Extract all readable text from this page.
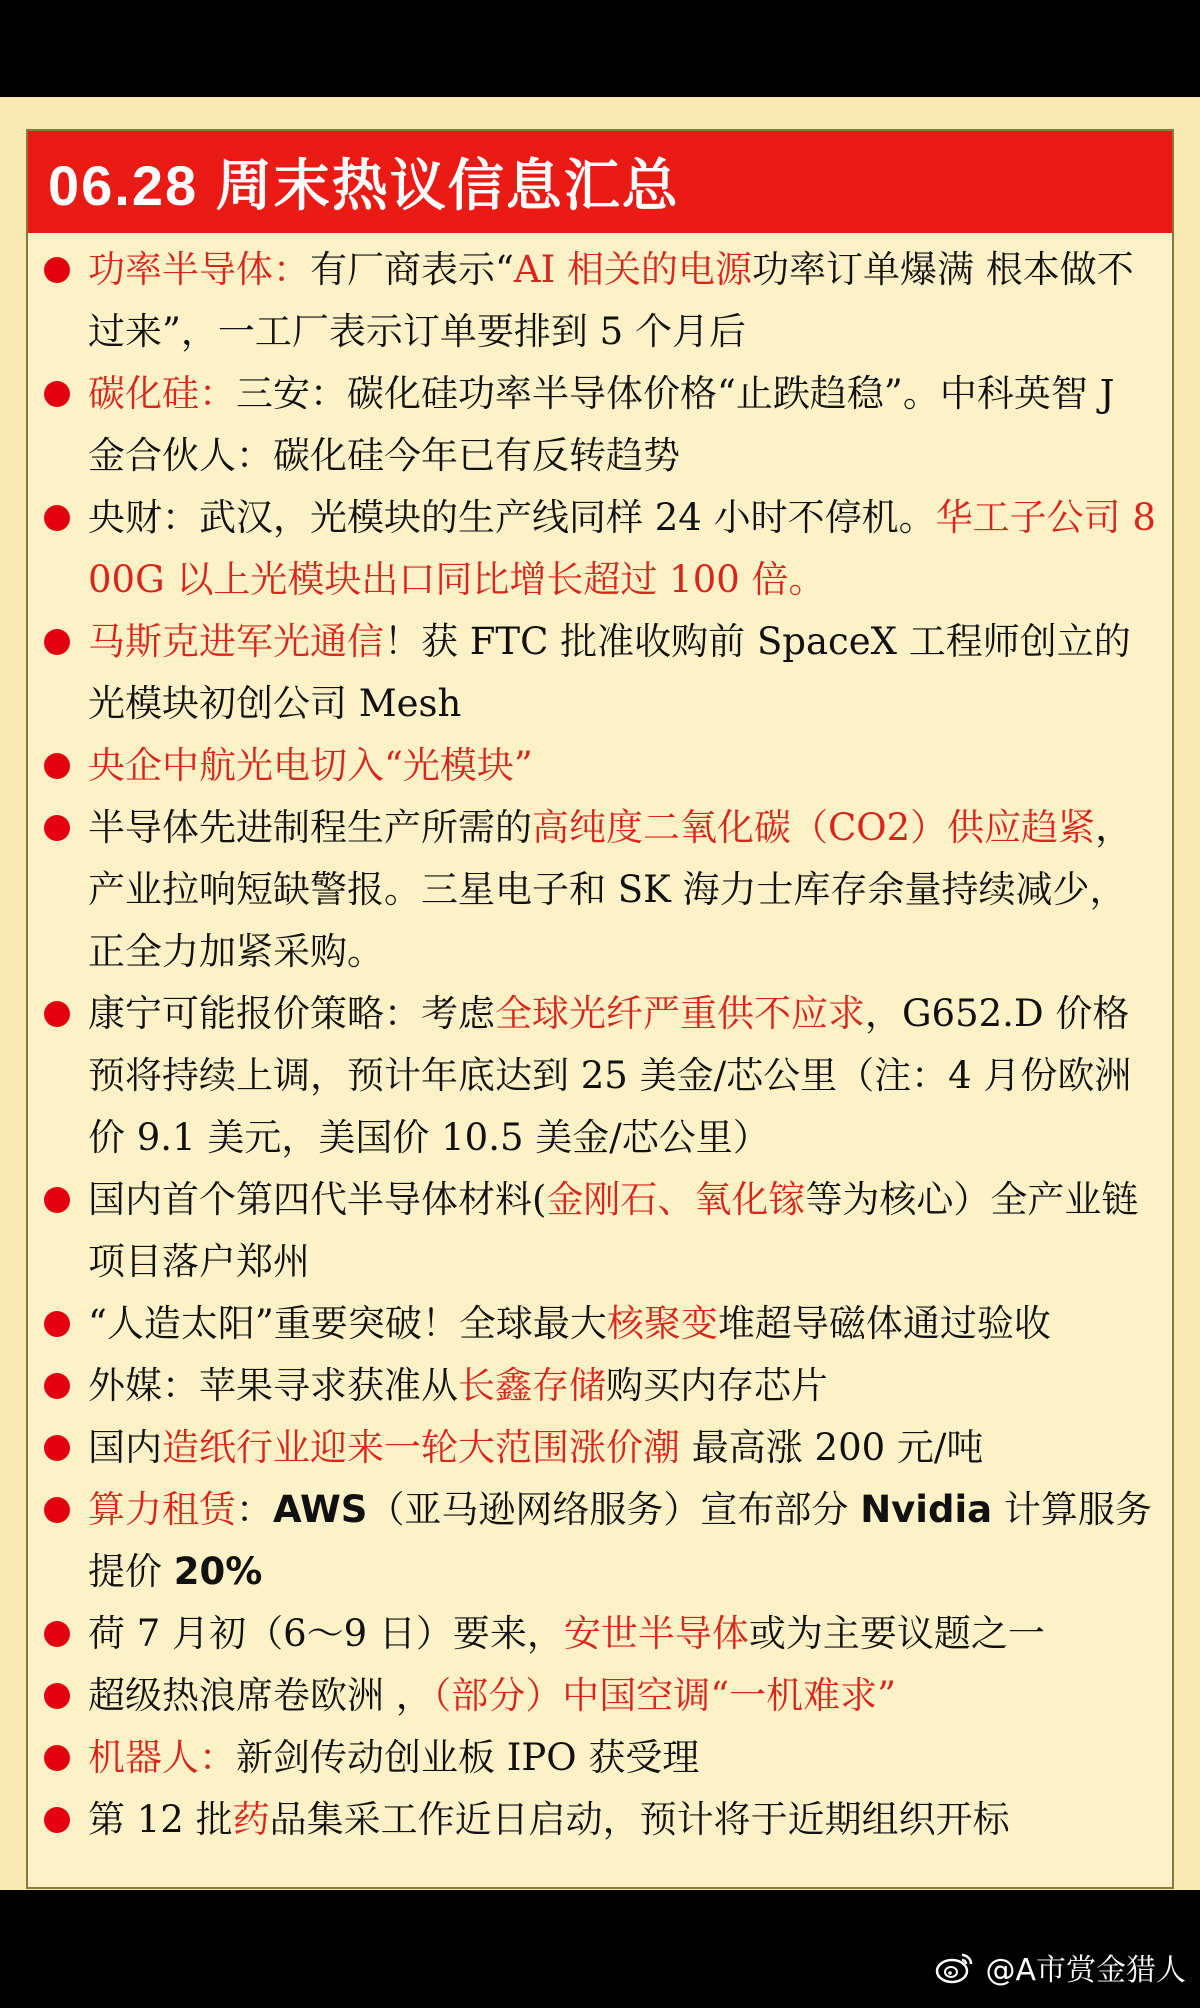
06.28 周末热议信息汇总
功率半导体：有厂商表示“AI 相关的电源功率订单爆满 根本做不过来”，一工厂表示订单要排到 5 个月后
碳化硅：三安：碳化硅功率半导体价格“止跌趋稳”。中科英智 J 金合伙人：碳化硅今年已有反转趋势
央财：武汉，光模块的生产线同样 24 小时不停机。华工子公司 800G 以上光模块出口同比增长超过 100 倍。
马斯克进军光通信！获 FTC 批准收购前 SpaceX 工程师创立的光模块初创公司 Mesh
央企中航光电切入“光模块”
半导体先进制程生产所需的高纯度二氧化碳（CO2）供应趋紧，产业拉响短缺警报。三星电子和 SK 海力士库存余量持续减少，正全力加紧采购。
康宁可能报价策略：考虑全球光纤严重供不应求，G652.D 价格预将持续上调，预计年底达到 25 美金/芯公里（注：4 月份欧洲价 9.1 美元，美国价 10.5 美金/芯公里）
国内首个第四代半导体材料(金刚石、氧化镓等为核心）全产业链项目落户郑州
“人造太阳”重要突破！全球最大核聚变堆超导磁体通过验收
外媒：苹果寻求获准从长鑫存储购买内存芯片
国内造纸行业迎来一轮大范围涨价潮 最高涨 200 元/吨
算力租赁：AWS（亚马逊网络服务）宣布部分 Nvidia 计算服务提价 20%
荷 7 月初（6～9 日）要来，安世半导体或为主要议题之一
超级热浪席卷欧洲 ，（部分）中国空调“一机难求”
机器人：新剑传动创业板 IPO 获受理
第 12 批药品集采工作近日启动，预计将于近期组织开标
@A市赏金猎人
